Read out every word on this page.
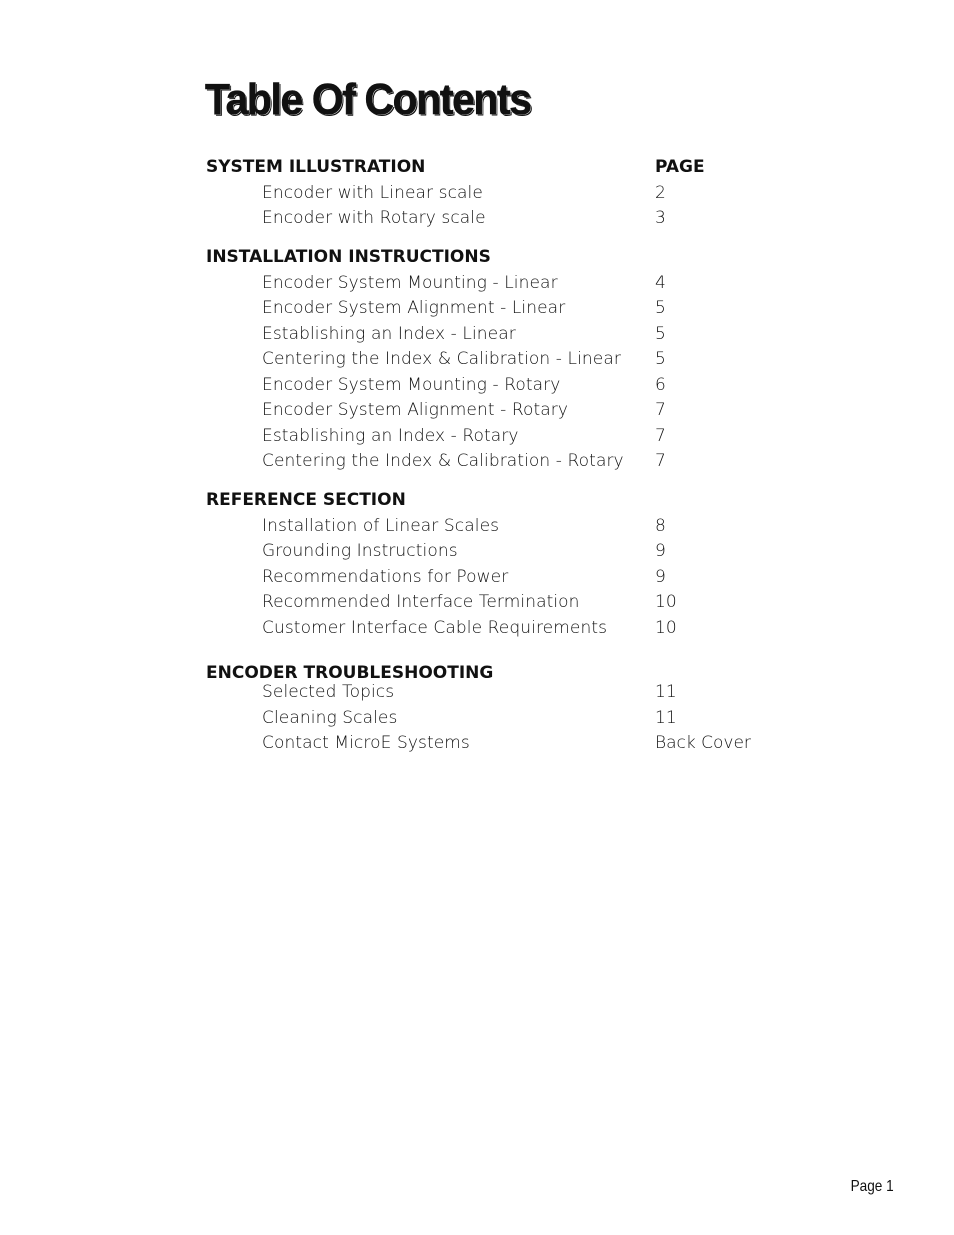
Table Of Contents
SYSTEM ILLUSTRATION	PAGE
Encoder with Linear scale	2
Encoder with Rotary scale	3
INSTALLATION INSTRUCTIONS
Encoder System Mounting - Linear	4
Encoder System Alignment - Linear	5
Establishing an Index - Linear	5
Centering the Index & Calibration - Linear 5
Encoder System Mounting - Rotary	6
Encoder System Alignment - Rotary	7
Establishing an Index - Rotary	7
Centering the Index & Calibration - Rotary 7
REFERENCE SECTION
Installation of Linear Scales	8
Grounding Instructions	9
Recommendations for Power	9
Recommended Interface Termination	10
Customer Interface Cable Requirements	10
ENCODER TROUBLESHOOTING
Selected Topics	11
Cleaning Scales	11
Contact MicroE Systems	Back Cover
Page 1
